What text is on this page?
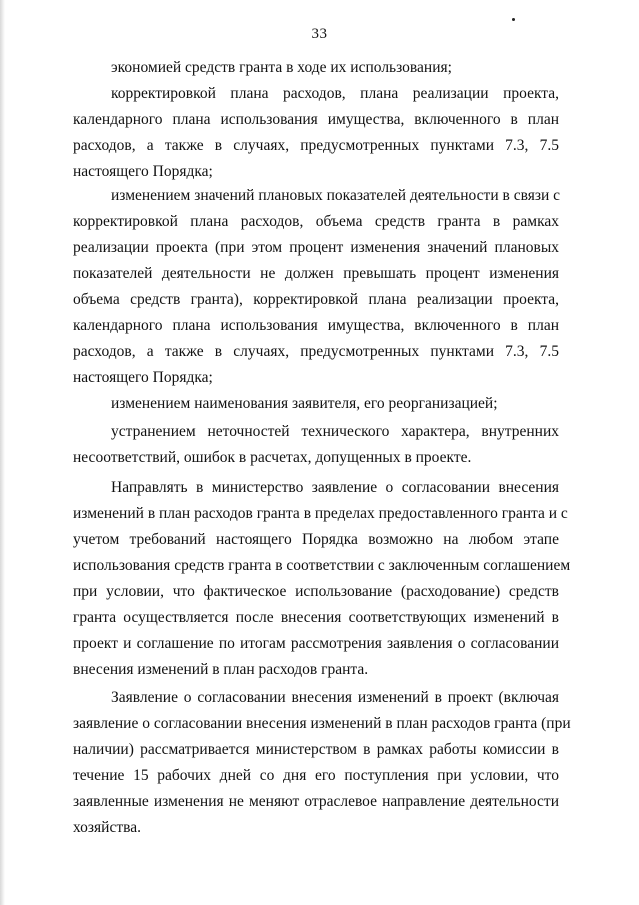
33
экономией средств гранта в ходе их использования;
корректировкой плана расходов, плана реализации проекта,
календарного плана использования имущества, включенного в план
расходов, а также в случаях, предусмотренных пунктами 7.3, 7.5
настоящего Порядка;
изменением значений плановых показателей деятельности в связи с
корректировкой плана расходов, объема средств гранта в рамках
реализации проекта (при этом процент изменения значений плановых
показателей деятельности не должен превышать процент изменения
объема средств гранта), корректировкой плана реализации проекта,
календарного плана использования имущества, включенного в план
расходов, а также в случаях, предусмотренных пунктами 7.3, 7.5
настоящего Порядка;
изменением наименования заявителя, его реорганизацией;
устранением неточностей технического характера, внутренних
несоответствий, ошибок в расчетах, допущенных в проекте.
Направлять в министерство заявление о согласовании внесения
изменений в план расходов гранта в пределах предоставленного гранта и с
учетом требований настоящего Порядка возможно на любом этапе
использования средств гранта в соответствии с заключенным соглашением
при условии, что фактическое использование (расходование) средств
гранта осуществляется после внесения соответствующих изменений в
проект и соглашение по итогам рассмотрения заявления о согласовании
внесения изменений в план расходов гранта.
Заявление о согласовании внесения изменений в проект (включая
заявление о согласовании внесения изменений в план расходов гранта (при
наличии) рассматривается министерством в рамках работы комиссии в
течение 15 рабочих дней со дня его поступления при условии, что
заявленные изменения не меняют отраслевое направление деятельности
хозяйства.
